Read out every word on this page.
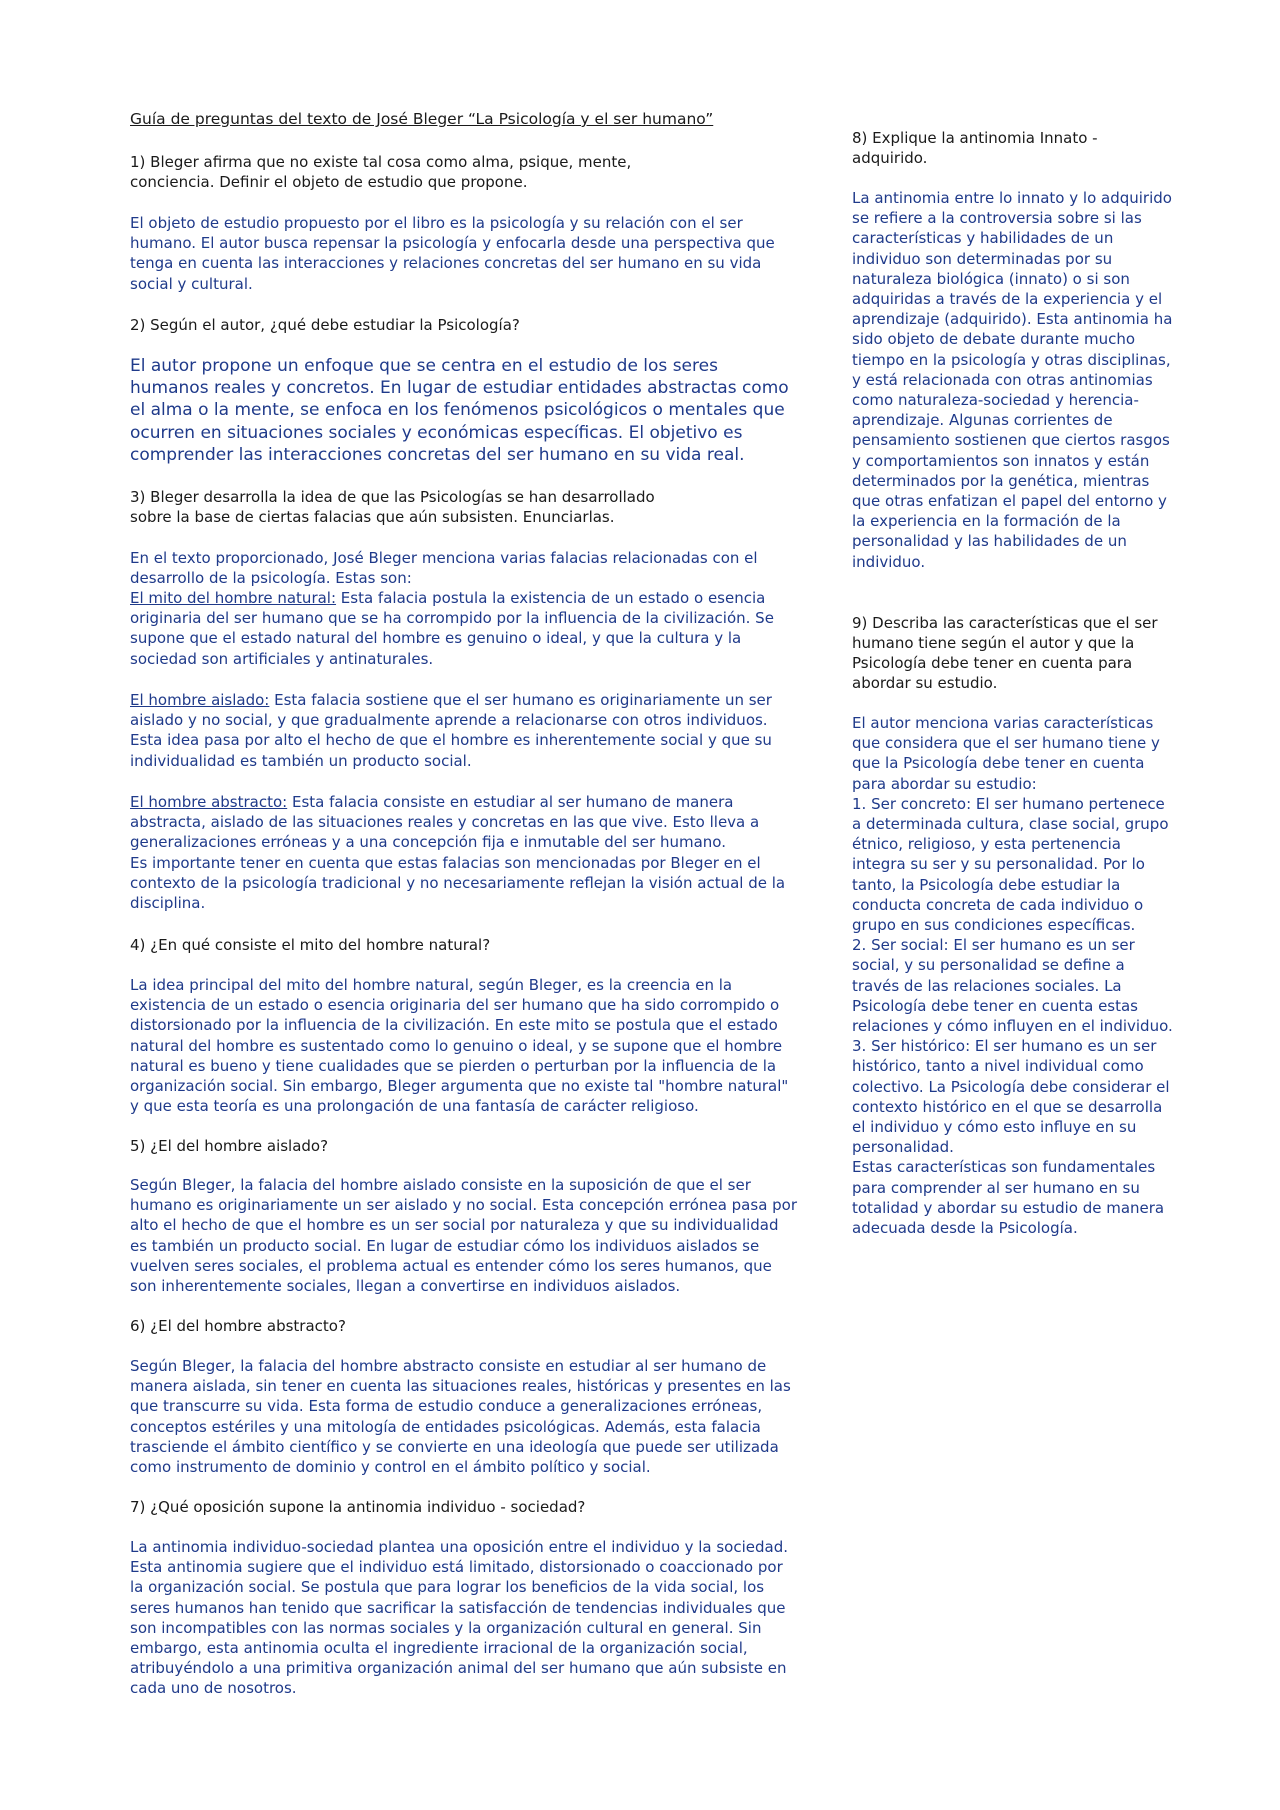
Guía de preguntas del texto de José Bleger “La Psicología y el ser humano”
1) Bleger afirma que no existe tal cosa como alma, psique, mente,
conciencia. Definir el objeto de estudio que propone.
El objeto de estudio propuesto por el libro es la psicología y su relación con el ser humano. El autor busca repensar la psicología y enfocarla desde una perspectiva que tenga en cuenta las interacciones y relaciones concretas del ser humano en su vida social y cultural.
2) Según el autor, ¿qué debe estudiar la Psicología?
El autor propone un enfoque que se centra en el estudio de los seres humanos reales y concretos. En lugar de estudiar entidades abstractas como el alma o la mente, se enfoca en los fenómenos psicológicos o mentales que ocurren en situaciones sociales y económicas específicas. El objetivo es comprender las interacciones concretas del ser humano en su vida real.
3) Bleger desarrolla la idea de que las Psicologías se han desarrollado
sobre la base de ciertas falacias que aún subsisten. Enunciarlas.
En el texto proporcionado, José Bleger menciona varias falacias relacionadas con el desarrollo de la psicología. Estas son:
El mito del hombre natural: Esta falacia postula la existencia de un estado o esencia originaria del ser humano que se ha corrompido por la influencia de la civilización. Se supone que el estado natural del hombre es genuino o ideal, y que la cultura y la sociedad son artificiales y antinaturales.
El hombre aislado: Esta falacia sostiene que el ser humano es originariamente un ser aislado y no social, y que gradualmente aprende a relacionarse con otros individuos. Esta idea pasa por alto el hecho de que el hombre es inherentemente social y que su individualidad es también un producto social.
El hombre abstracto: Esta falacia consiste en estudiar al ser humano de manera abstracta, aislado de las situaciones reales y concretas en las que vive. Esto lleva a generalizaciones erróneas y a una concepción fija e inmutable del ser humano.
Es importante tener en cuenta que estas falacias son mencionadas por Bleger en el contexto de la psicología tradicional y no necesariamente reflejan la visión actual de la disciplina.
4) ¿En qué consiste el mito del hombre natural?
La idea principal del mito del hombre natural, según Bleger, es la creencia en la existencia de un estado o esencia originaria del ser humano que ha sido corrompido o distorsionado por la influencia de la civilización. En este mito se postula que el estado natural del hombre es sustentado como lo genuino o ideal, y se supone que el hombre natural es bueno y tiene cualidades que se pierden o perturban por la influencia de la organización social. Sin embargo, Bleger argumenta que no existe tal "hombre natural" y que esta teoría es una prolongación de una fantasía de carácter religioso.
5) ¿El del hombre aislado?
Según Bleger, la falacia del hombre aislado consiste en la suposición de que el ser humano es originariamente un ser aislado y no social. Esta concepción errónea pasa por alto el hecho de que el hombre es un ser social por naturaleza y que su individualidad es también un producto social. En lugar de estudiar cómo los individuos aislados se vuelven seres sociales, el problema actual es entender cómo los seres humanos, que son inherentemente sociales, llegan a convertirse en individuos aislados.
6) ¿El del hombre abstracto?
Según Bleger, la falacia del hombre abstracto consiste en estudiar al ser humano de manera aislada, sin tener en cuenta las situaciones reales, históricas y presentes en las que transcurre su vida. Esta forma de estudio conduce a generalizaciones erróneas, conceptos estériles y una mitología de entidades psicológicas. Además, esta falacia trasciende el ámbito científico y se convierte en una ideología que puede ser utilizada como instrumento de dominio y control en el ámbito político y social.
7) ¿Qué oposición supone la antinomia individuo - sociedad?
La antinomia individuo-sociedad plantea una oposición entre el individuo y la sociedad. Esta antinomia sugiere que el individuo está limitado, distorsionado o coaccionado por la organización social. Se postula que para lograr los beneficios de la vida social, los seres humanos han tenido que sacrificar la satisfacción de tendencias individuales que son incompatibles con las normas sociales y la organización cultural en general. Sin embargo, esta antinomia oculta el ingrediente irracional de la organización social, atribuyéndolo a una primitiva organización animal del ser humano que aún subsiste en cada uno de nosotros.
8) Explique la antinomia Innato - adquirido.
La antinomia entre lo innato y lo adquirido se refiere a la controversia sobre si las características y habilidades de un individuo son determinadas por su naturaleza biológica (innato) o si son adquiridas a través de la experiencia y el aprendizaje (adquirido). Esta antinomia ha sido objeto de debate durante mucho tiempo en la psicología y otras disciplinas, y está relacionada con otras antinomias como naturaleza-sociedad y herencia-aprendizaje. Algunas corrientes de pensamiento sostienen que ciertos rasgos y comportamientos son innatos y están determinados por la genética, mientras que otras enfatizan el papel del entorno y la experiencia en la formación de la personalidad y las habilidades de un individuo.
9) Describa las características que el ser humano tiene según el autor y que la Psicología debe tener en cuenta para abordar su estudio.
El autor menciona varias características que considera que el ser humano tiene y que la Psicología debe tener en cuenta para abordar su estudio:
1. Ser concreto: El ser humano pertenece a determinada cultura, clase social, grupo étnico, religioso, y esta pertenencia integra su ser y su personalidad. Por lo tanto, la Psicología debe estudiar la conducta concreta de cada individuo o grupo en sus condiciones específicas.
2. Ser social: El ser humano es un ser social, y su personalidad se define a través de las relaciones sociales. La Psicología debe tener en cuenta estas relaciones y cómo influyen en el individuo.
3. Ser histórico: El ser humano es un ser histórico, tanto a nivel individual como colectivo. La Psicología debe considerar el contexto histórico en el que se desarrolla el individuo y cómo esto influye en su personalidad.
Estas características son fundamentales para comprender al ser humano en su totalidad y abordar su estudio de manera adecuada desde la Psicología.
